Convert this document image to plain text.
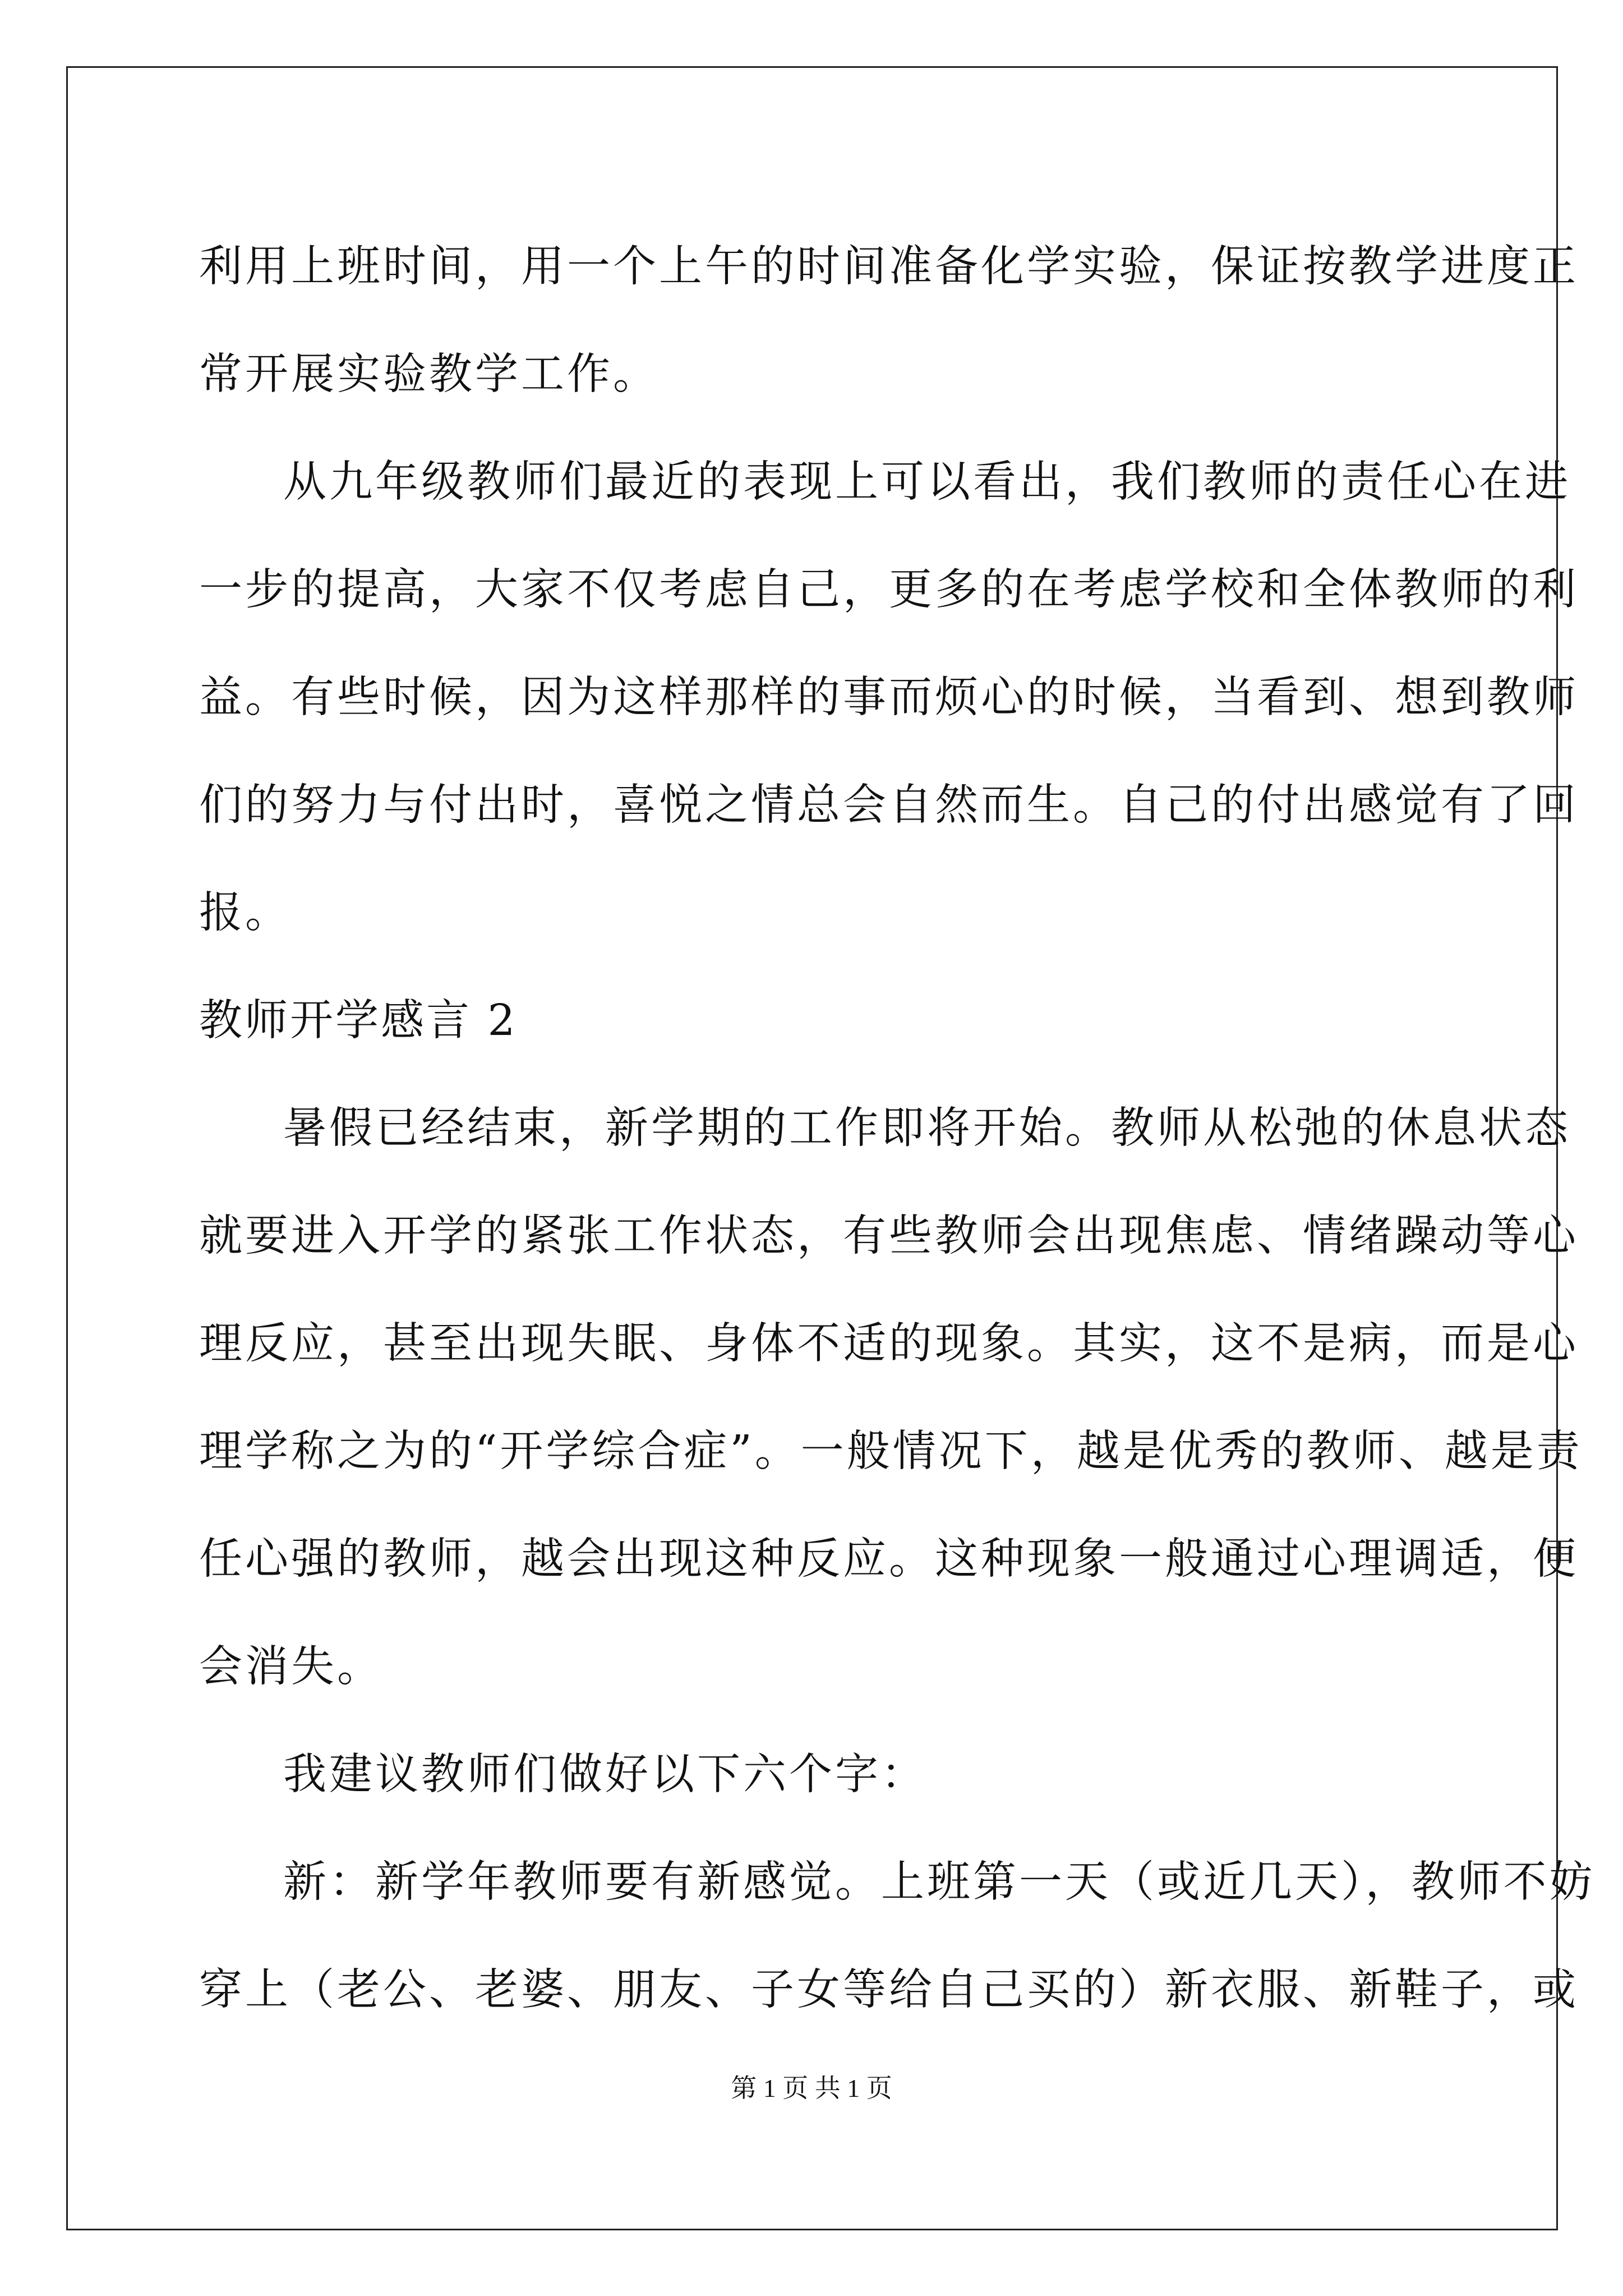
利用上班时间，用一个上午的时间准备化学实验，保证按教学进度正
常开展实验教学工作。
从九年级教师们最近的表现上可以看出，我们教师的责任心在进
一步的提高，大家不仅考虑自己，更多的在考虑学校和全体教师的利
益。有些时候，因为这样那样的事而烦心的时候，当看到、想到教师
们的努力与付出时，喜悦之情总会自然而生。自己的付出感觉有了回
报。
教师开学感言 2
暑假已经结束，新学期的工作即将开始。教师从松弛的休息状态
就要进入开学的紧张工作状态，有些教师会出现焦虑、情绪躁动等心
理反应，甚至出现失眠、身体不适的现象。其实，这不是病，而是心
理学称之为的“开学综合症”。一般情况下，越是优秀的教师、越是责
任心强的教师，越会出现这种反应。这种现象一般通过心理调适，便
会消失。
我建议教师们做好以下六个字：
新：新学年教师要有新感觉。上班第一天（或近几天），教师不妨
穿上（老公、老婆、朋友、子女等给自己买的）新衣服、新鞋子，或
第 1 页 共 1 页
